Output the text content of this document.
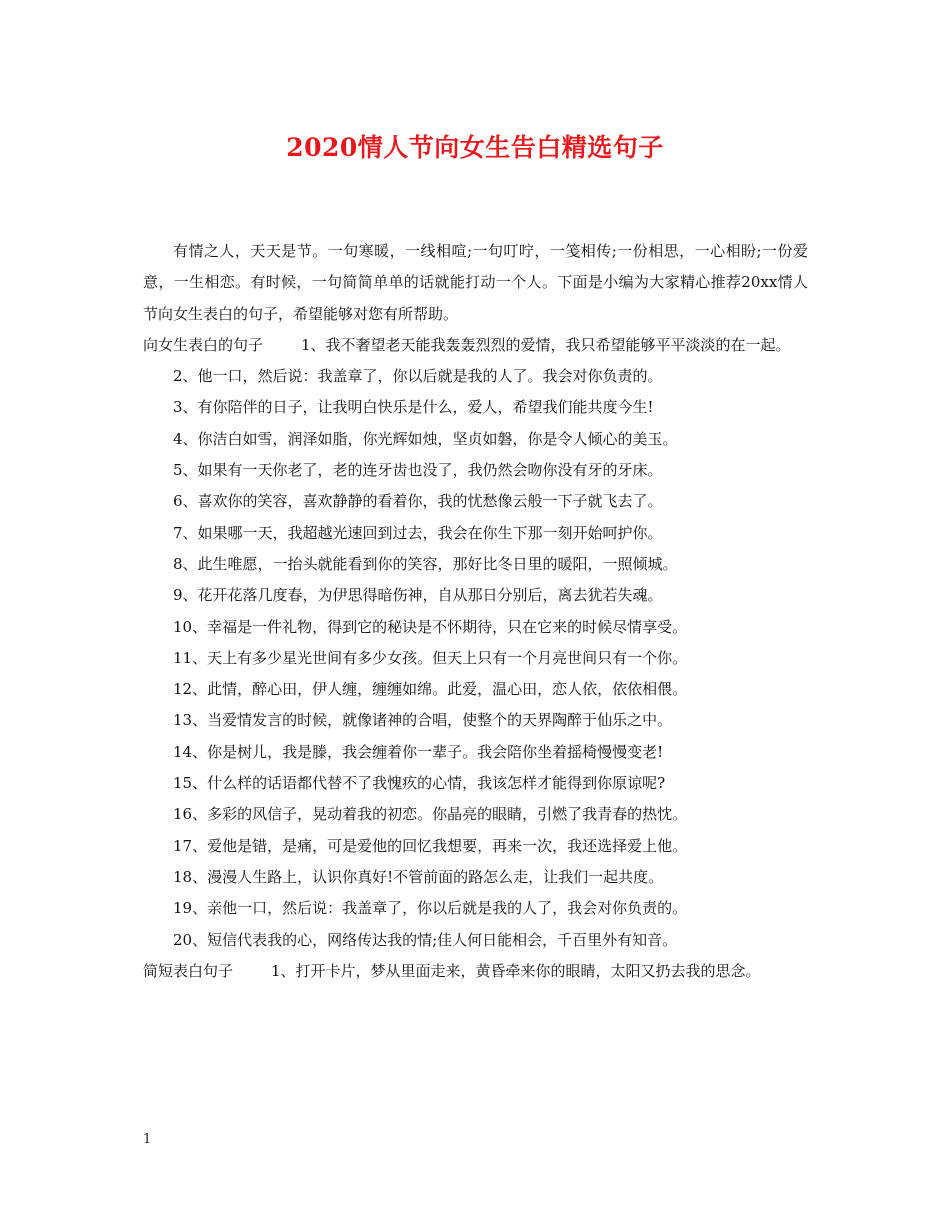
2020情人节向女生告白精选句子

有情之人，天天是节。一句寒暖，一线相喧;一句叮咛，一笺相传;一份相思，一心相盼;一份爱意，一生相恋。有时候，一句简简单单的话就能打动一个人。下面是小编为大家精心推荐20xx情人节向女生表白的句子，希望能够对您有所帮助。

向女生表白的句子	1、我不奢望老天能我轰轰烈烈的爱情，我只希望能够平平淡淡的在一起。

2、他一口，然后说：我盖章了，你以后就是我的人了。我会对你负责的。

3、有你陪伴的日子，让我明白快乐是什么，爱人，希望我们能共度今生!

4、你洁白如雪，润泽如脂，你光辉如烛，坚贞如磐，你是令人倾心的美玉。

5、如果有一天你老了，老的连牙齿也没了，我仍然会吻你没有牙的牙床。

6、喜欢你的笑容，喜欢静静的看着你，我的忧愁像云般一下子就飞去了。

7、如果哪一天，我超越光速回到过去，我会在你生下那一刻开始呵护你。

8、此生唯愿，一抬头就能看到你的笑容，那好比冬日里的暖阳，一照倾城。

9、花开花落几度春，为伊思得暗伤神，自从那日分别后，离去犹若失魂。

10、幸福是一件礼物，得到它的秘诀是不怀期待，只在它来的时候尽情享受。

11、天上有多少星光世间有多少女孩。但天上只有一个月亮世间只有一个你。

12、此情，醉心田，伊人缠，缠缠如绵。此爱，温心田，恋人依，依依相偎。

13、当爱情发言的时候，就像诸神的合唱，使整个的天界陶醉于仙乐之中。

14、你是树儿，我是滕，我会缠着你一辈子。我会陪你坐着摇椅慢慢变老!

15、什么样的话语都代替不了我愧疚的心情，我该怎样才能得到你原谅呢?

16、多彩的风信子，晃动着我的初恋。你晶亮的眼睛，引燃了我青春的热忱。

17、爱他是错，是痛，可是爱他的回忆我想要，再来一次，我还选择爱上他。

18、漫漫人生路上，认识你真好!不管前面的路怎么走，让我们一起共度。

19、亲他一口，然后说：我盖章了，你以后就是我的人了，我会对你负责的。

20、短信代表我的心，网络传达我的情;佳人何日能相会，千百里外有知音。

简短表白句子	1、打开卡片，梦从里面走来，黄昏牵来你的眼睛，太阳又扔去我的思念。

1
